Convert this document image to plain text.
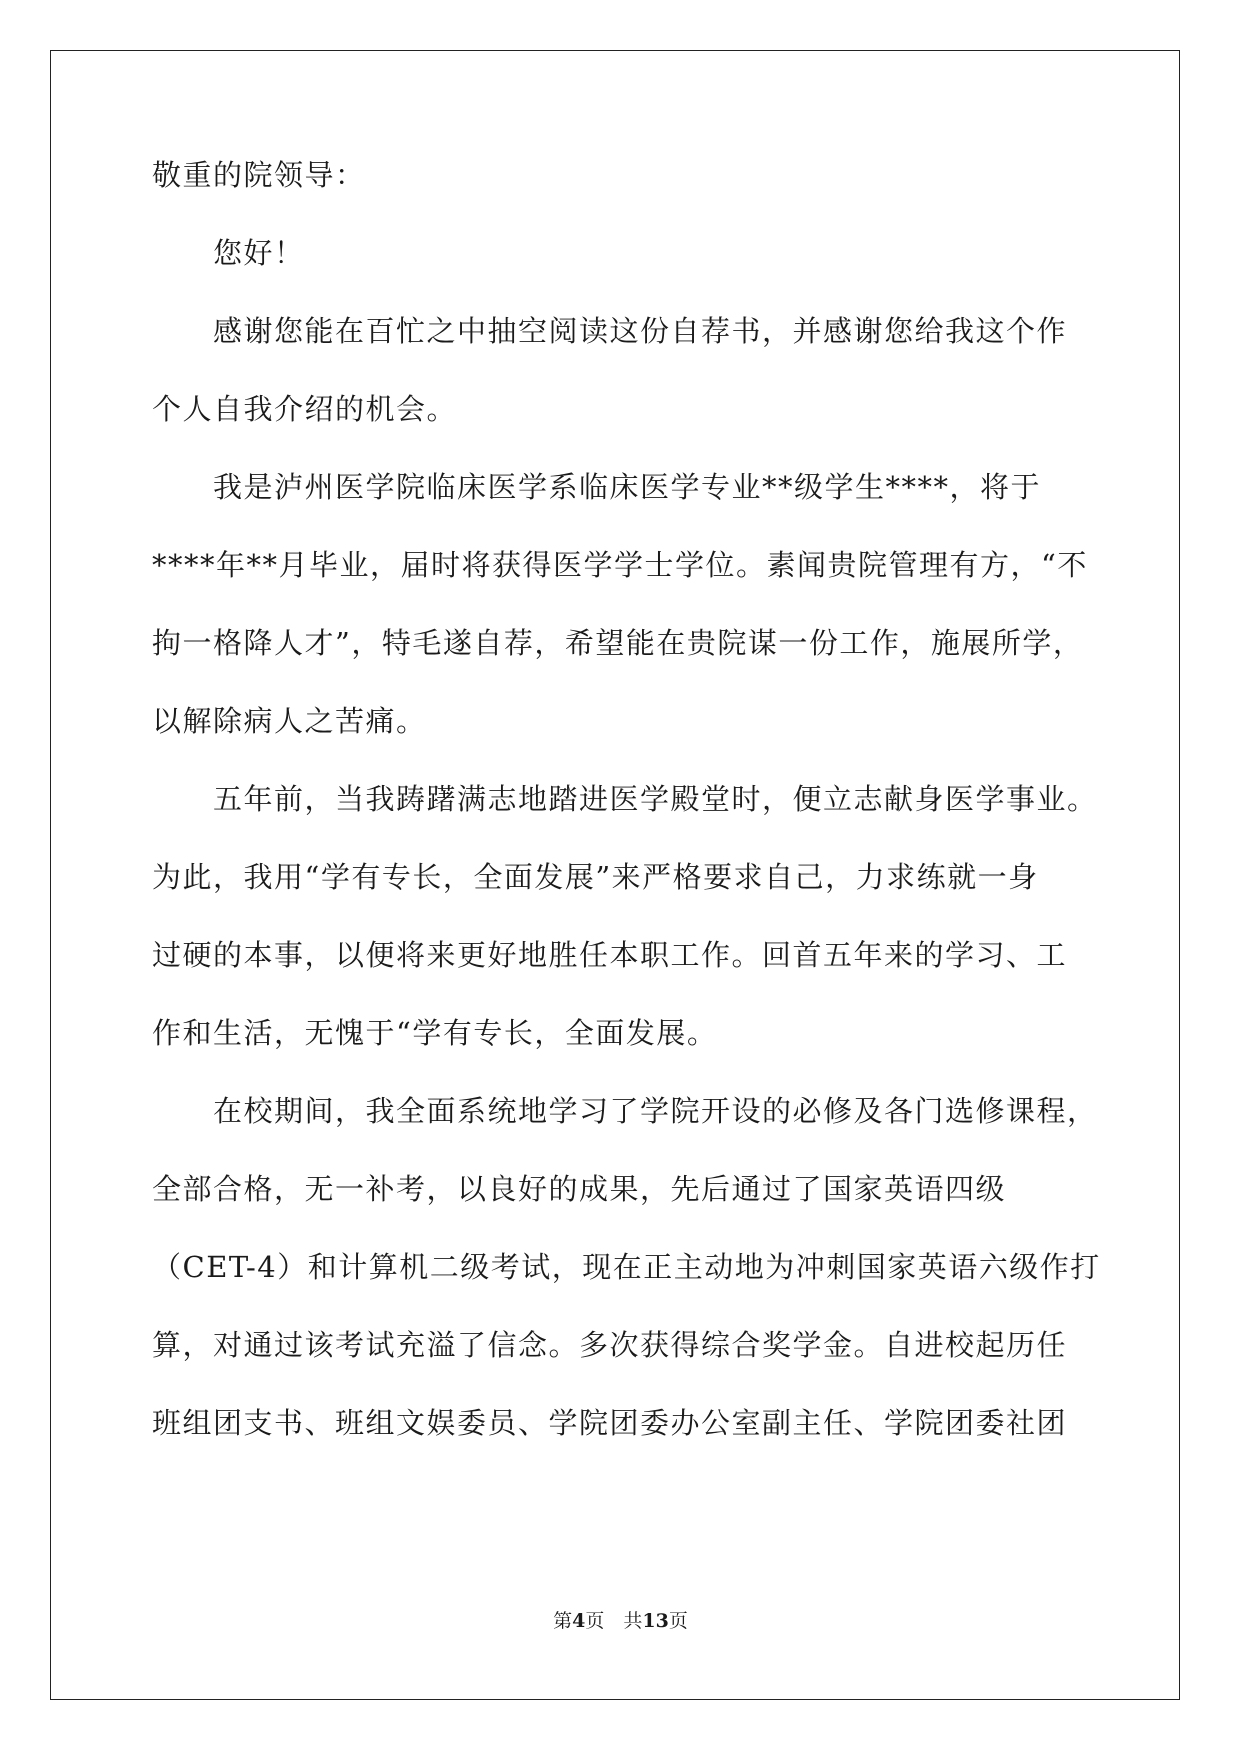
敬重的院领导：
　　您好！
　　感谢您能在百忙之中抽空阅读这份自荐书，并感谢您给我这个作
个人自我介绍的机会。
　　我是泸州医学院临床医学系临床医学专业**级学生****，将于
****年**月毕业，届时将获得医学学士学位。素闻贵院管理有方，“不
拘一格降人才”，特毛遂自荐，希望能在贵院谋一份工作，施展所学，
以解除病人之苦痛。
　　五年前，当我踌躇满志地踏进医学殿堂时，便立志献身医学事业。
为此，我用“学有专长，全面发展”来严格要求自己，力求练就一身
过硬的本事，以便将来更好地胜任本职工作。回首五年来的学习、工
作和生活，无愧于“学有专长，全面发展。
　　在校期间，我全面系统地学习了学院开设的必修及各门选修课程，
全部合格，无一补考，以良好的成果，先后通过了国家英语四级
（CET-4）和计算机二级考试，现在正主动地为冲刺国家英语六级作打
算，对通过该考试充溢了信念。多次获得综合奖学金。自进校起历任
班组团支书、班组文娱委员、学院团委办公室副主任、学院团委社团
第4页　共13页
